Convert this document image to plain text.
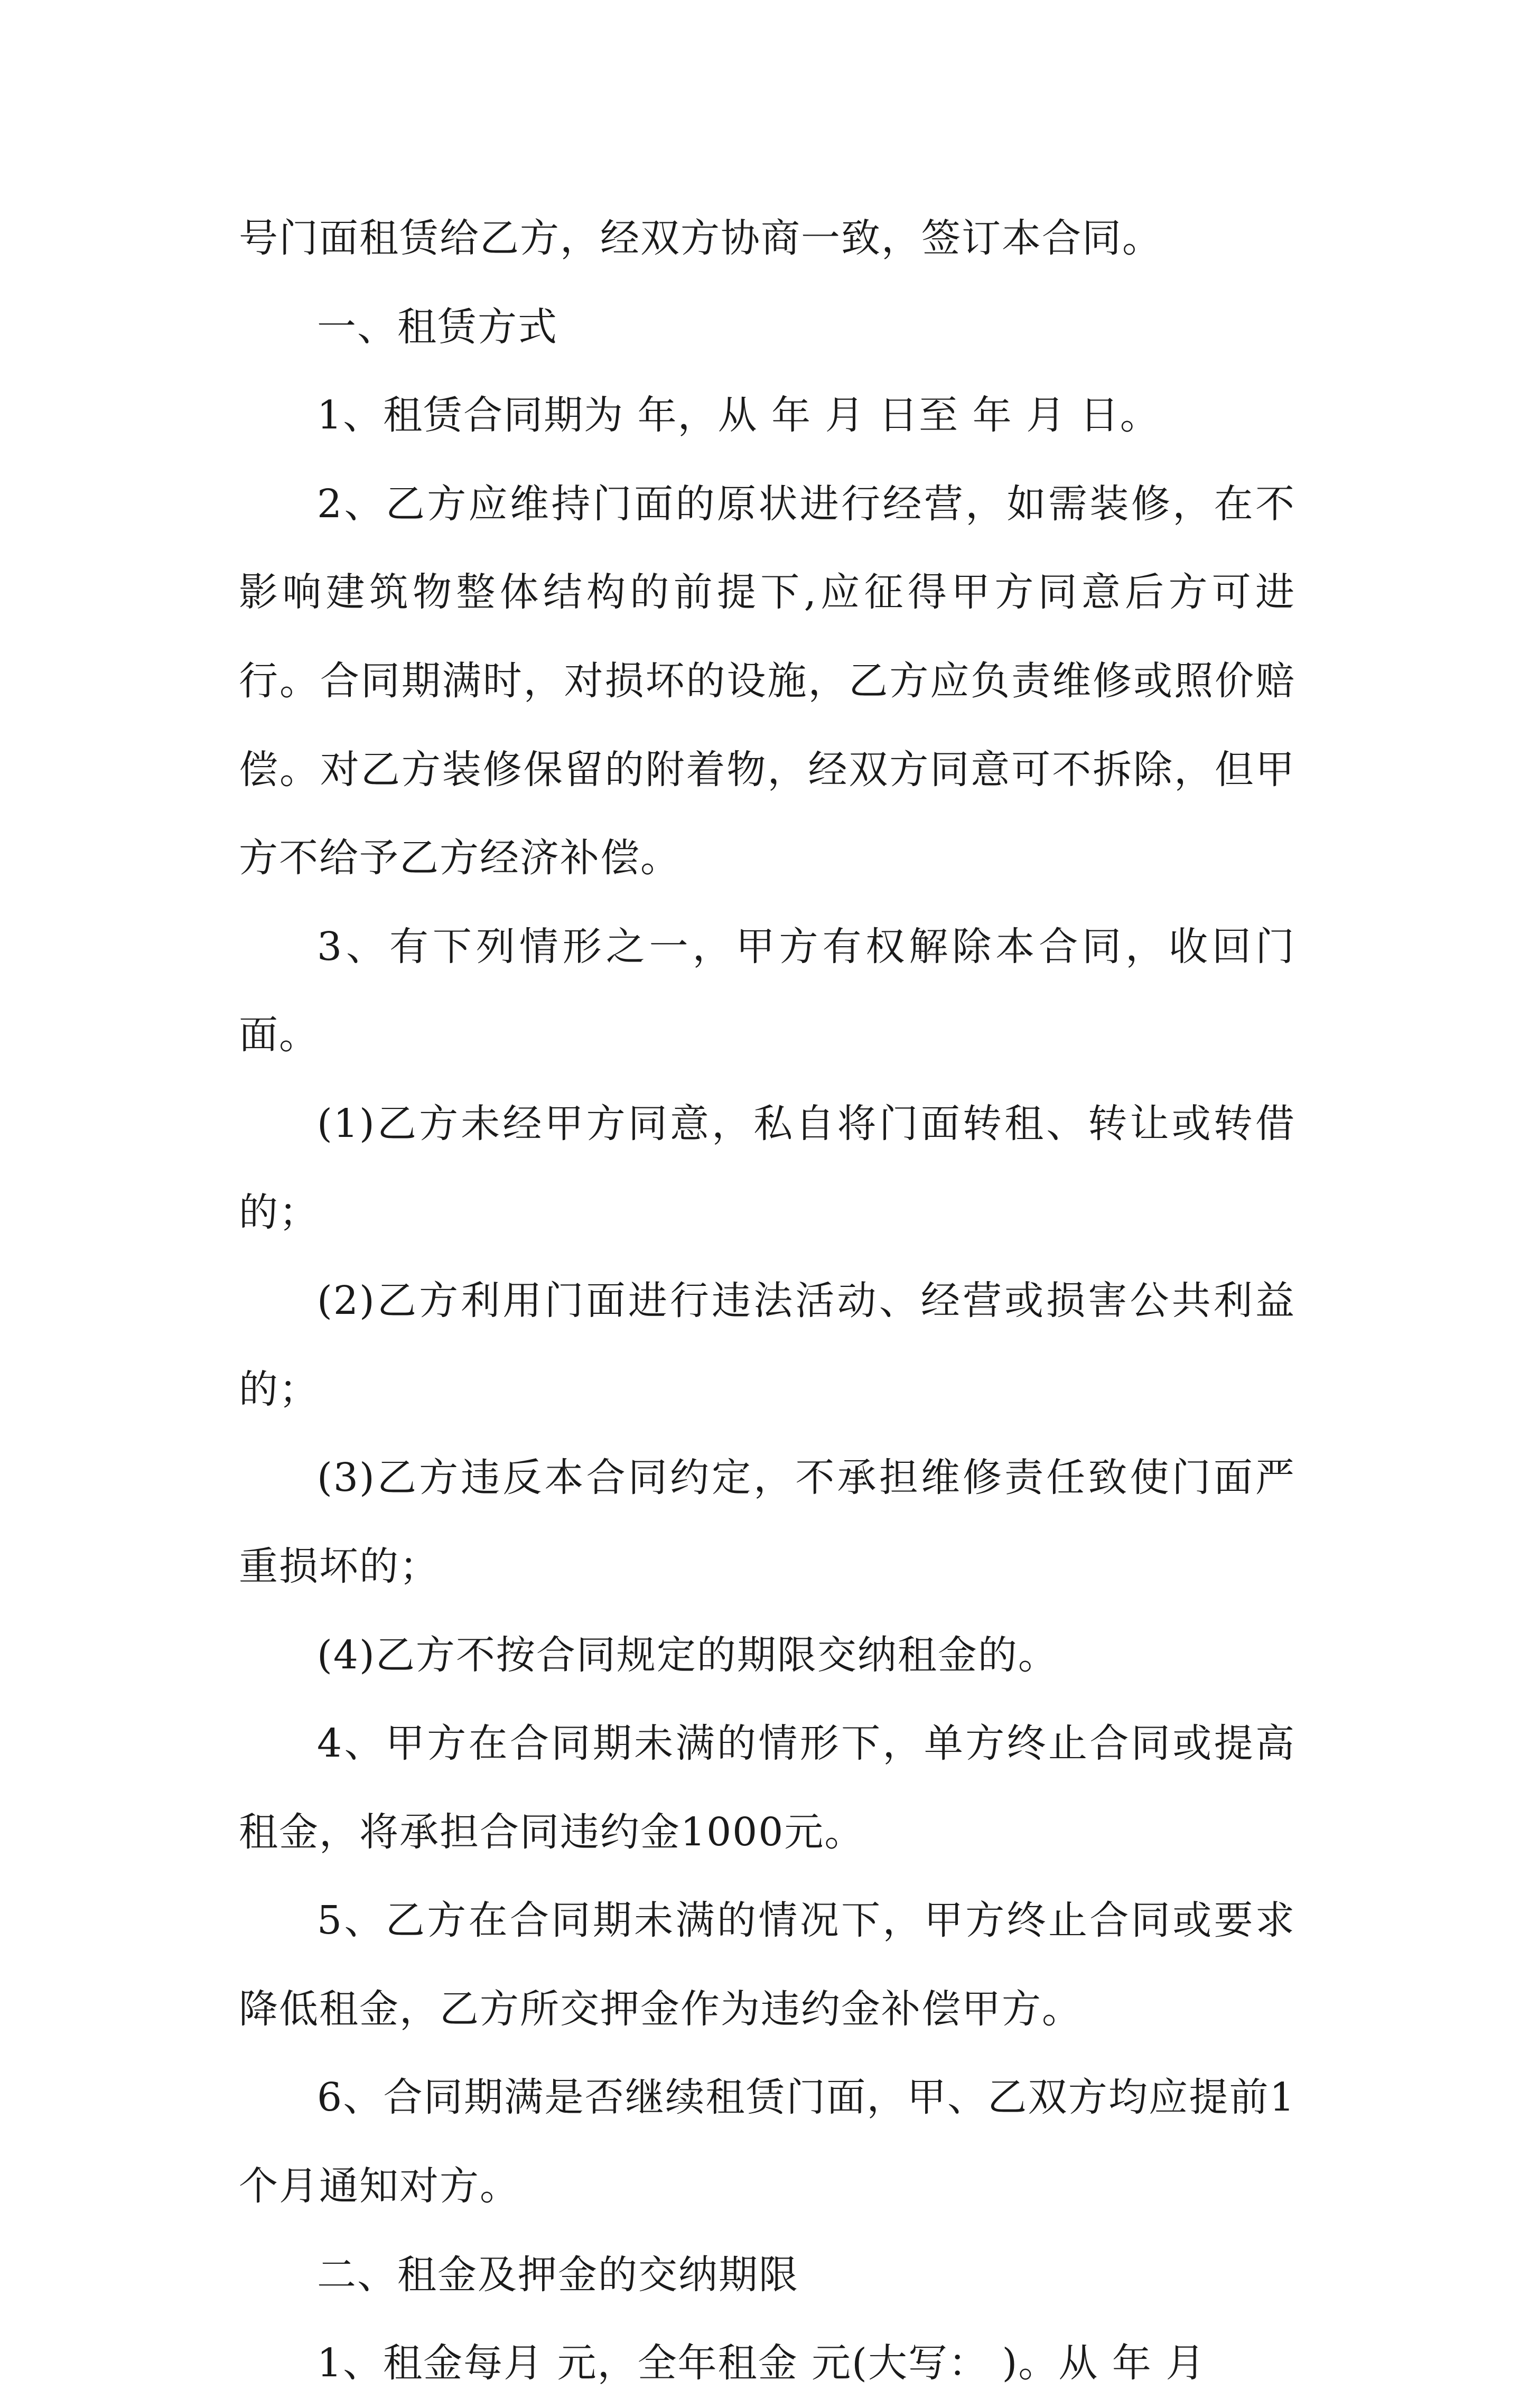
号门面租赁给乙方，经双方协商一致，签订本合同。

一、租赁方式

1、租赁合同期为 年，从 年 月 日至 年 月 日。

2、乙方应维持门面的原状进行经营，如需装修，在不影响建筑物整体结构的前提下,应征得甲方同意后方可进行。合同期满时，对损坏的设施，乙方应负责维修或照价赔偿。对乙方装修保留的附着物，经双方同意可不拆除，但甲方不给予乙方经济补偿。

3、有下列情形之一，甲方有权解除本合同，收回门面。

(1)乙方未经甲方同意，私自将门面转租、转让或转借的；

(2)乙方利用门面进行违法活动、经营或损害公共利益的；

(3)乙方违反本合同约定，不承担维修责任致使门面严重损坏的；

(4)乙方不按合同规定的期限交纳租金的。

4、甲方在合同期未满的情形下，单方终止合同或提高租金，将承担合同违约金1000元。

5、乙方在合同期未满的情况下，甲方终止合同或要求降低租金，乙方所交押金作为违约金补偿甲方。

6、合同期满是否继续租赁门面，甲、乙双方均应提前1个月通知对方。

二、租金及押金的交纳期限

1、租金每月 元，全年租金 元(大写： )。从 年 月
